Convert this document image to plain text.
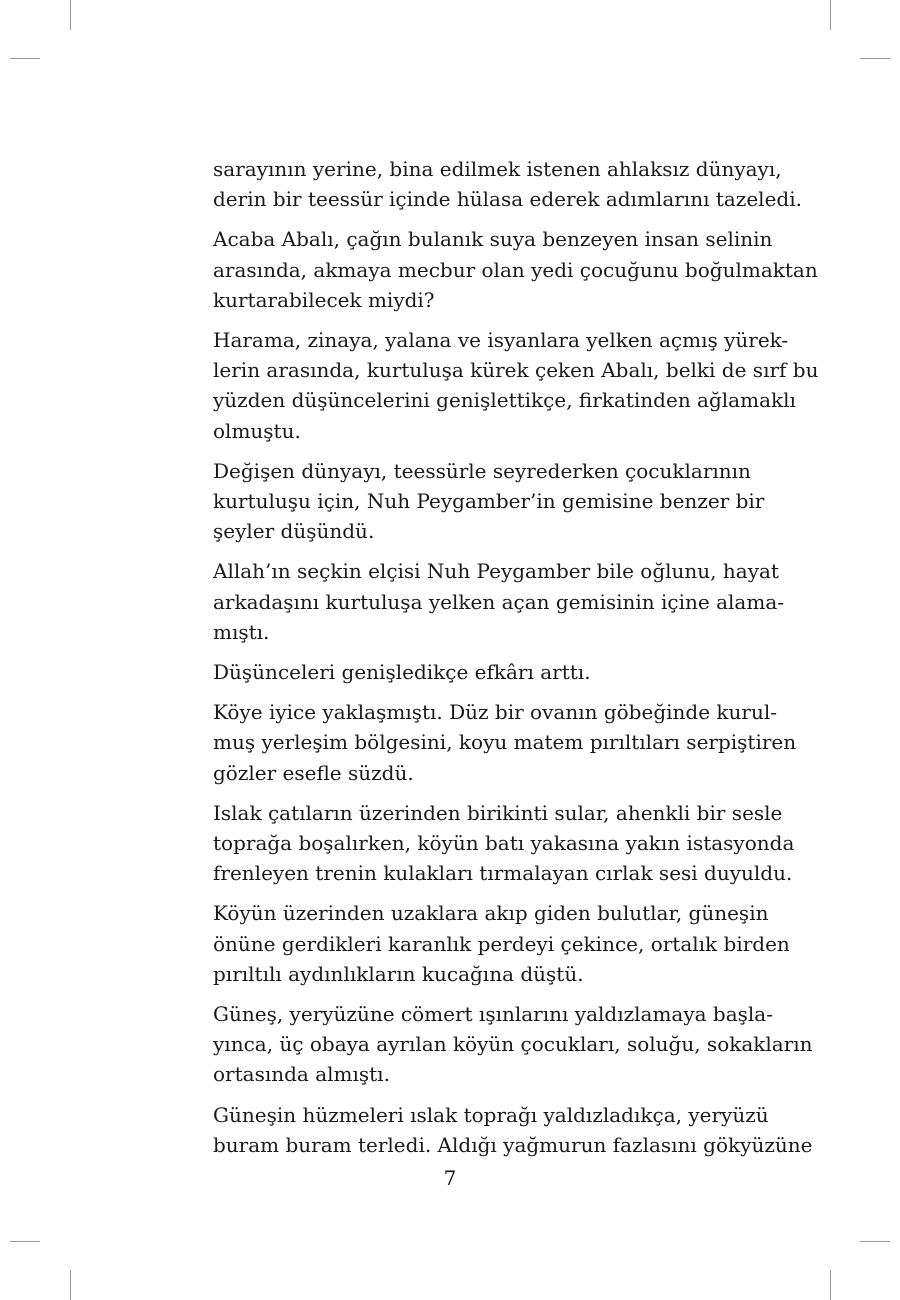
sarayının yerine, bina edilmek istenen ahlaksız dünyayı,
derin bir teessür içinde hülasa ederek adımlarını tazeledi.
Acaba Abalı, çağın bulanık suya benzeyen insan selinin
arasında, akmaya mecbur olan yedi çocuğunu boğulmaktan
kurtarabilecek miydi?
Harama, zinaya, yalana ve isyanlara yelken açmış yürek-
lerin arasında, kurtuluşa kürek çeken Abalı, belki de sırf bu
yüzden düşüncelerini genişlettikçe, firkatinden ağlamaklı
olmuştu.
Değişen dünyayı, teessürle seyrederken çocuklarının
kurtuluşu için, Nuh Peygamber’in gemisine benzer bir
şeyler düşündü.
Allah’ın seçkin elçisi Nuh Peygamber bile oğlunu, hayat
arkadaşını kurtuluşa yelken açan gemisinin içine alama-
mıştı.
Düşünceleri genişledikçe efkârı arttı.
Köye iyice yaklaşmıştı. Düz bir ovanın göbeğinde kurul-
muş yerleşim bölgesini, koyu matem pırıltıları serpiştiren
gözler esefle süzdü.
Islak çatıların üzerinden birikinti sular, ahenkli bir sesle
toprağa boşalırken, köyün batı yakasına yakın istasyonda
frenleyen trenin kulakları tırmalayan cırlak sesi duyuldu.
Köyün üzerinden uzaklara akıp giden bulutlar, güneşin
önüne gerdikleri karanlık perdeyi çekince, ortalık birden
pırıltılı aydınlıkların kucağına düştü.
Güneş, yeryüzüne cömert ışınlarını yaldızlamaya başla-
yınca, üç obaya ayrılan köyün çocukları, soluğu, sokakların
ortasında almıştı.
Güneşin hüzmeleri ıslak toprağı yaldızladıkça, yeryüzü
buram buram terledi. Aldığı yağmurun fazlasını gökyüzüne
7
